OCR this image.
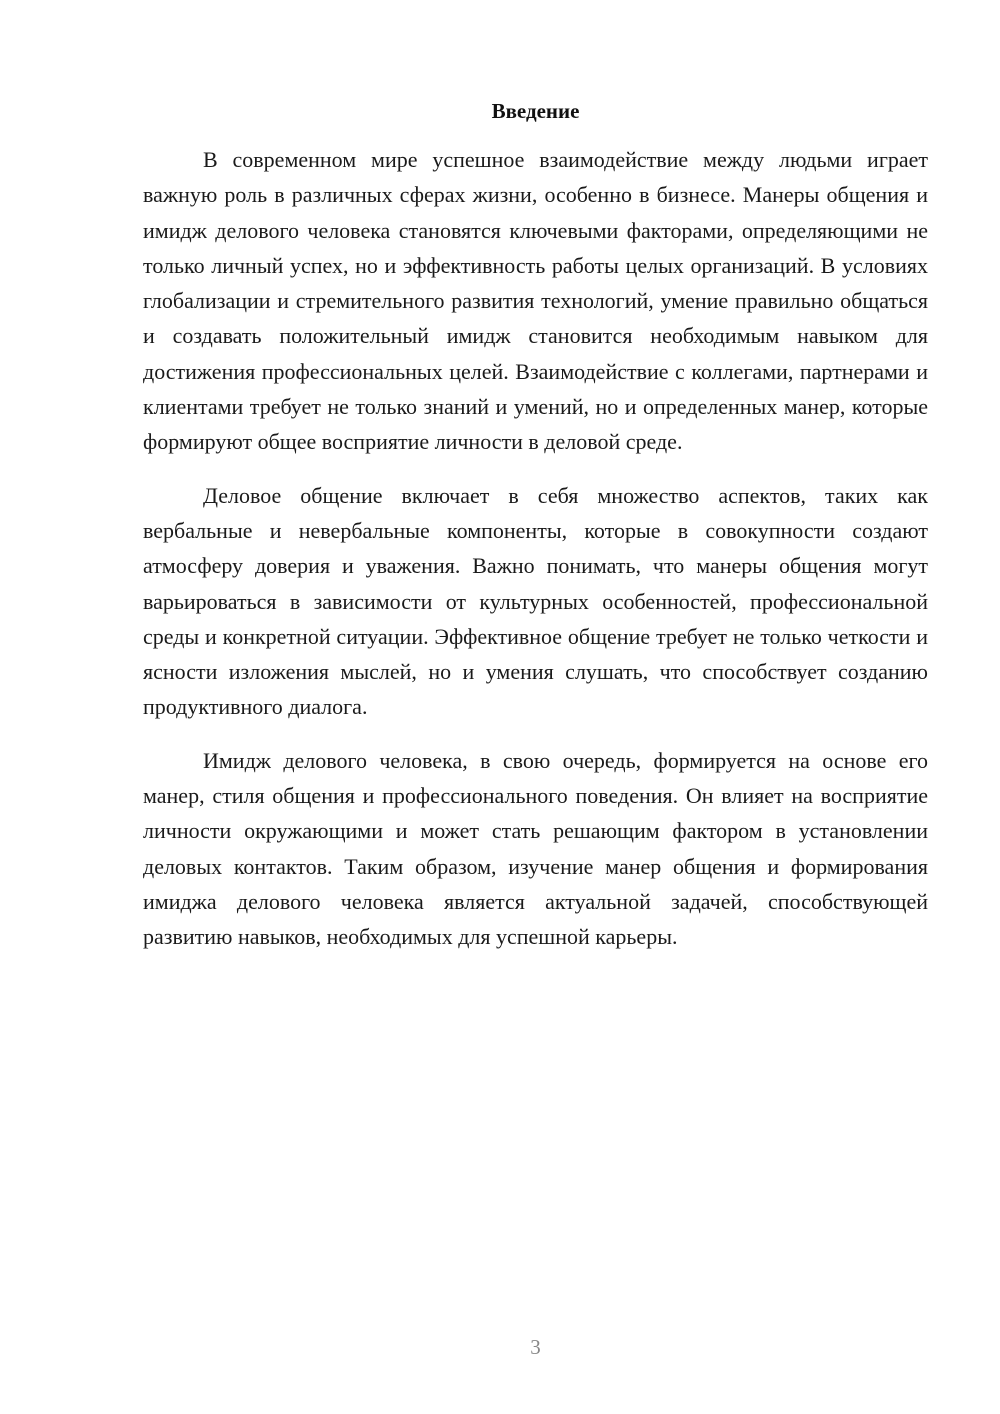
Введение

В современном мире успешное взаимодействие между людьми играет важную роль в различных сферах жизни, особенно в бизнесе. Манеры общения и имидж делового человека становятся ключевыми факторами, определяющими не только личный успех, но и эффективность работы целых организаций. В условиях глобализации и стремительного развития технологий, умение правильно общаться и создавать положительный имидж становится необходимым навыком для достижения профессиональных целей. Взаимодействие с коллегами, партнерами и клиентами требует не только знаний и умений, но и определенных манер, которые формируют общее восприятие личности в деловой среде.

Деловое общение включает в себя множество аспектов, таких как вербальные и невербальные компоненты, которые в совокупности создают атмосферу доверия и уважения. Важно понимать, что манеры общения могут варьироваться в зависимости от культурных особенностей, профессиональной среды и конкретной ситуации. Эффективное общение требует не только четкости и ясности изложения мыслей, но и умения слушать, что способствует созданию продуктивного диалога.

Имидж делового человека, в свою очередь, формируется на основе его манер, стиля общения и профессионального поведения. Он влияет на восприятие личности окружающими и может стать решающим фактором в установлении деловых контактов. Таким образом, изучение манер общения и формирования имиджа делового человека является актуальной задачей, способствующей развитию навыков, необходимых для успешной карьеры.

3
